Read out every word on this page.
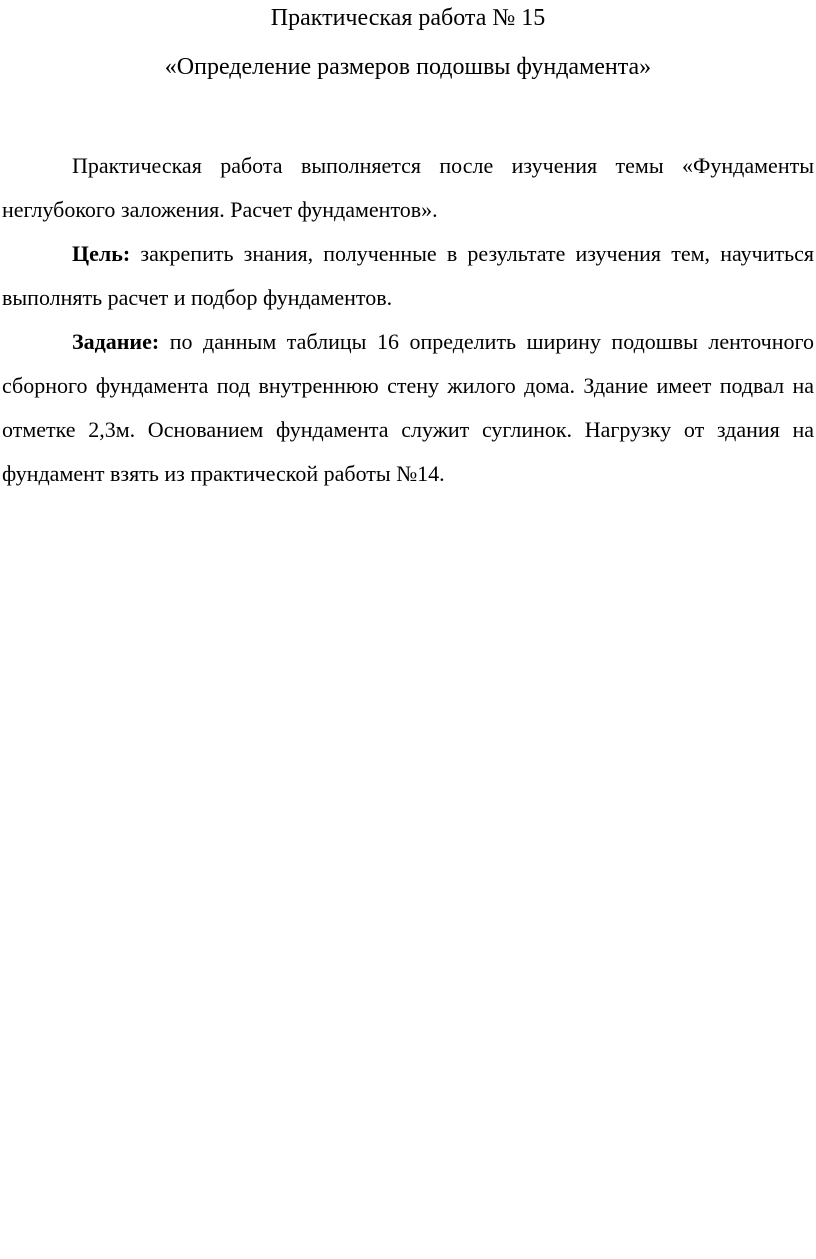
Практическая работа № 15
«Определение размеров подошвы фундамента»

Практическая работа выполняется после изучения темы «Фундаменты неглубокого заложения. Расчет фундаментов».

Цель: закрепить знания, полученные в результате изучения тем, научиться выполнять расчет и подбор фундаментов.

Задание: по данным таблицы 16 определить ширину подошвы ленточного сборного фундамента под внутреннюю стену жилого дома. Здание имеет подвал на отметке 2,3м. Основанием фундамента служит суглинок. Нагрузку от здания на фундамент взять из практической работы №14.
